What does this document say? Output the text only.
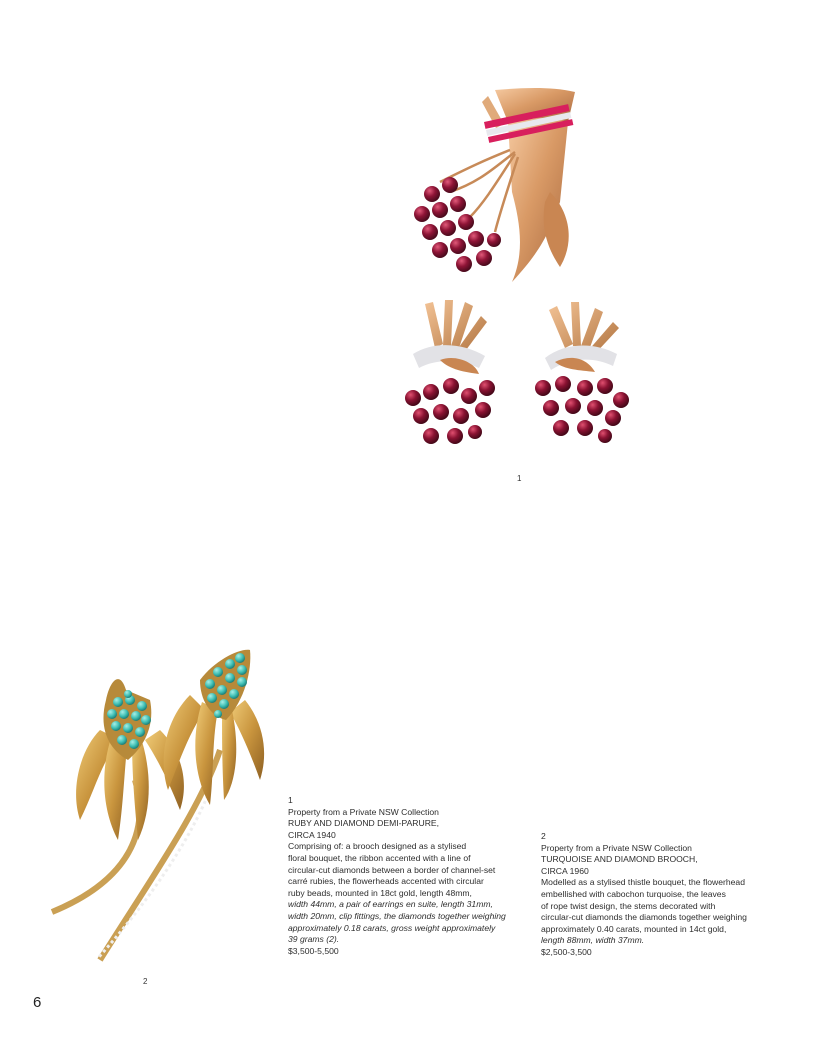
1
2
1
Property from a Private NSW Collection
RUBY AND DIAMOND DEMI-PARURE,
CIRCA 1940
Comprising of: a brooch designed as a stylised
floral bouquet, the ribbon accented with a line of
circular-cut diamonds between a border of channel-set
carré rubies, the flowerheads accented with circular
ruby beads, mounted in 18ct gold, length 48mm,
width 44mm, a pair of earrings en suite, length 31mm,
width 20mm, clip fittings, the diamonds together weighing
approximately 0.18 carats, gross weight approximately
39 grams (2).
$3,500-5,500
2
Property from a Private NSW Collection
TURQUOISE AND DIAMOND BROOCH,
CIRCA 1960
Modelled as a stylised thistle bouquet, the flowerhead
embellished with cabochon turquoise, the leaves
of rope twist design, the stems decorated with
circular-cut diamonds the diamonds together weighing
approximately 0.40 carats, mounted in 14ct gold,
length 88mm, width 37mm.
$2,500-3,500
6
